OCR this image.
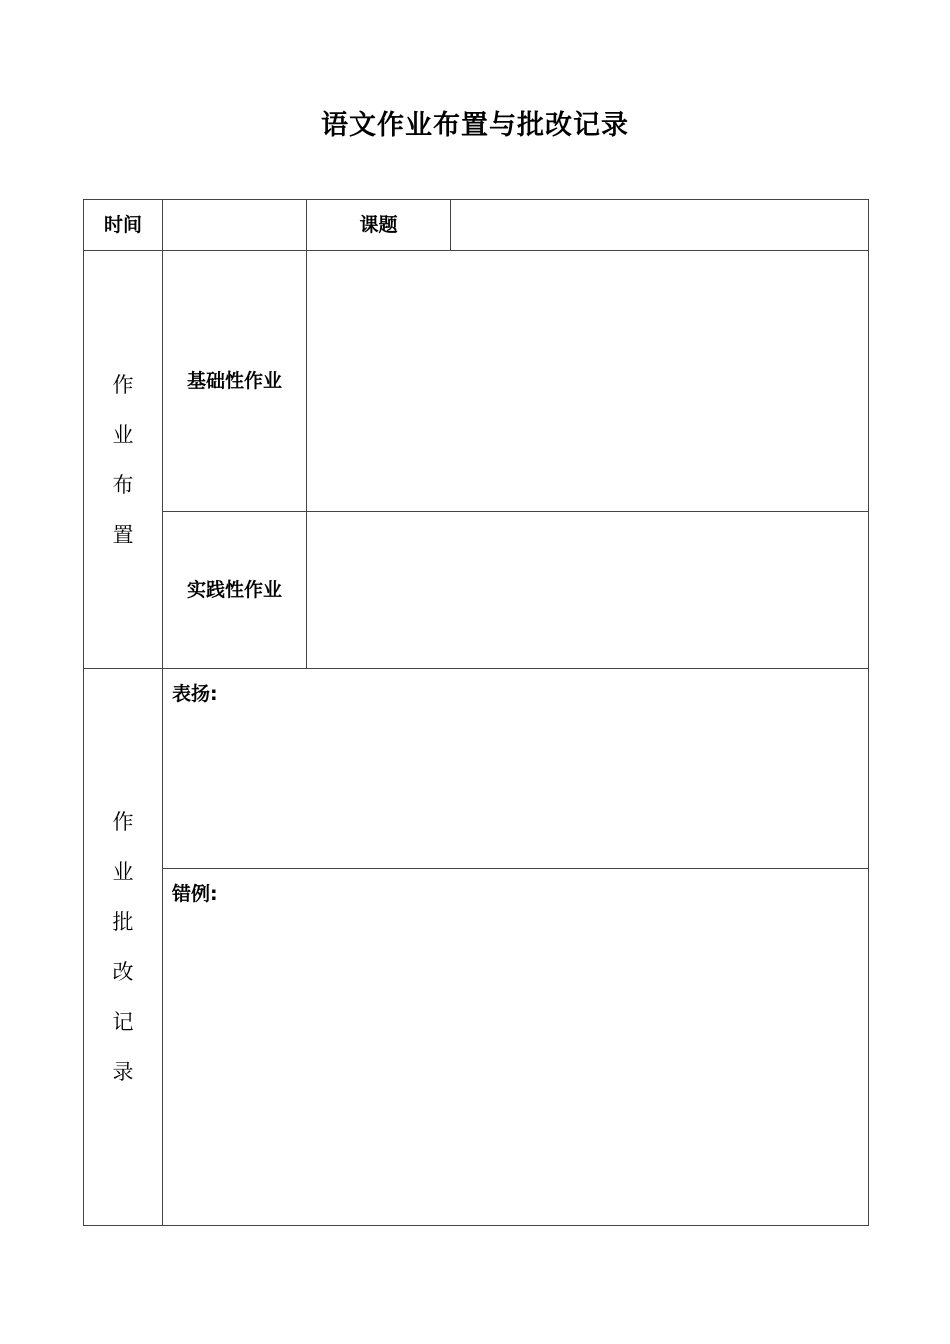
语文作业布置与批改记录
时间		课题	
作业布置	基础性作业		
	实践性作业		
作业批改记录	表扬:		
	错例:		
